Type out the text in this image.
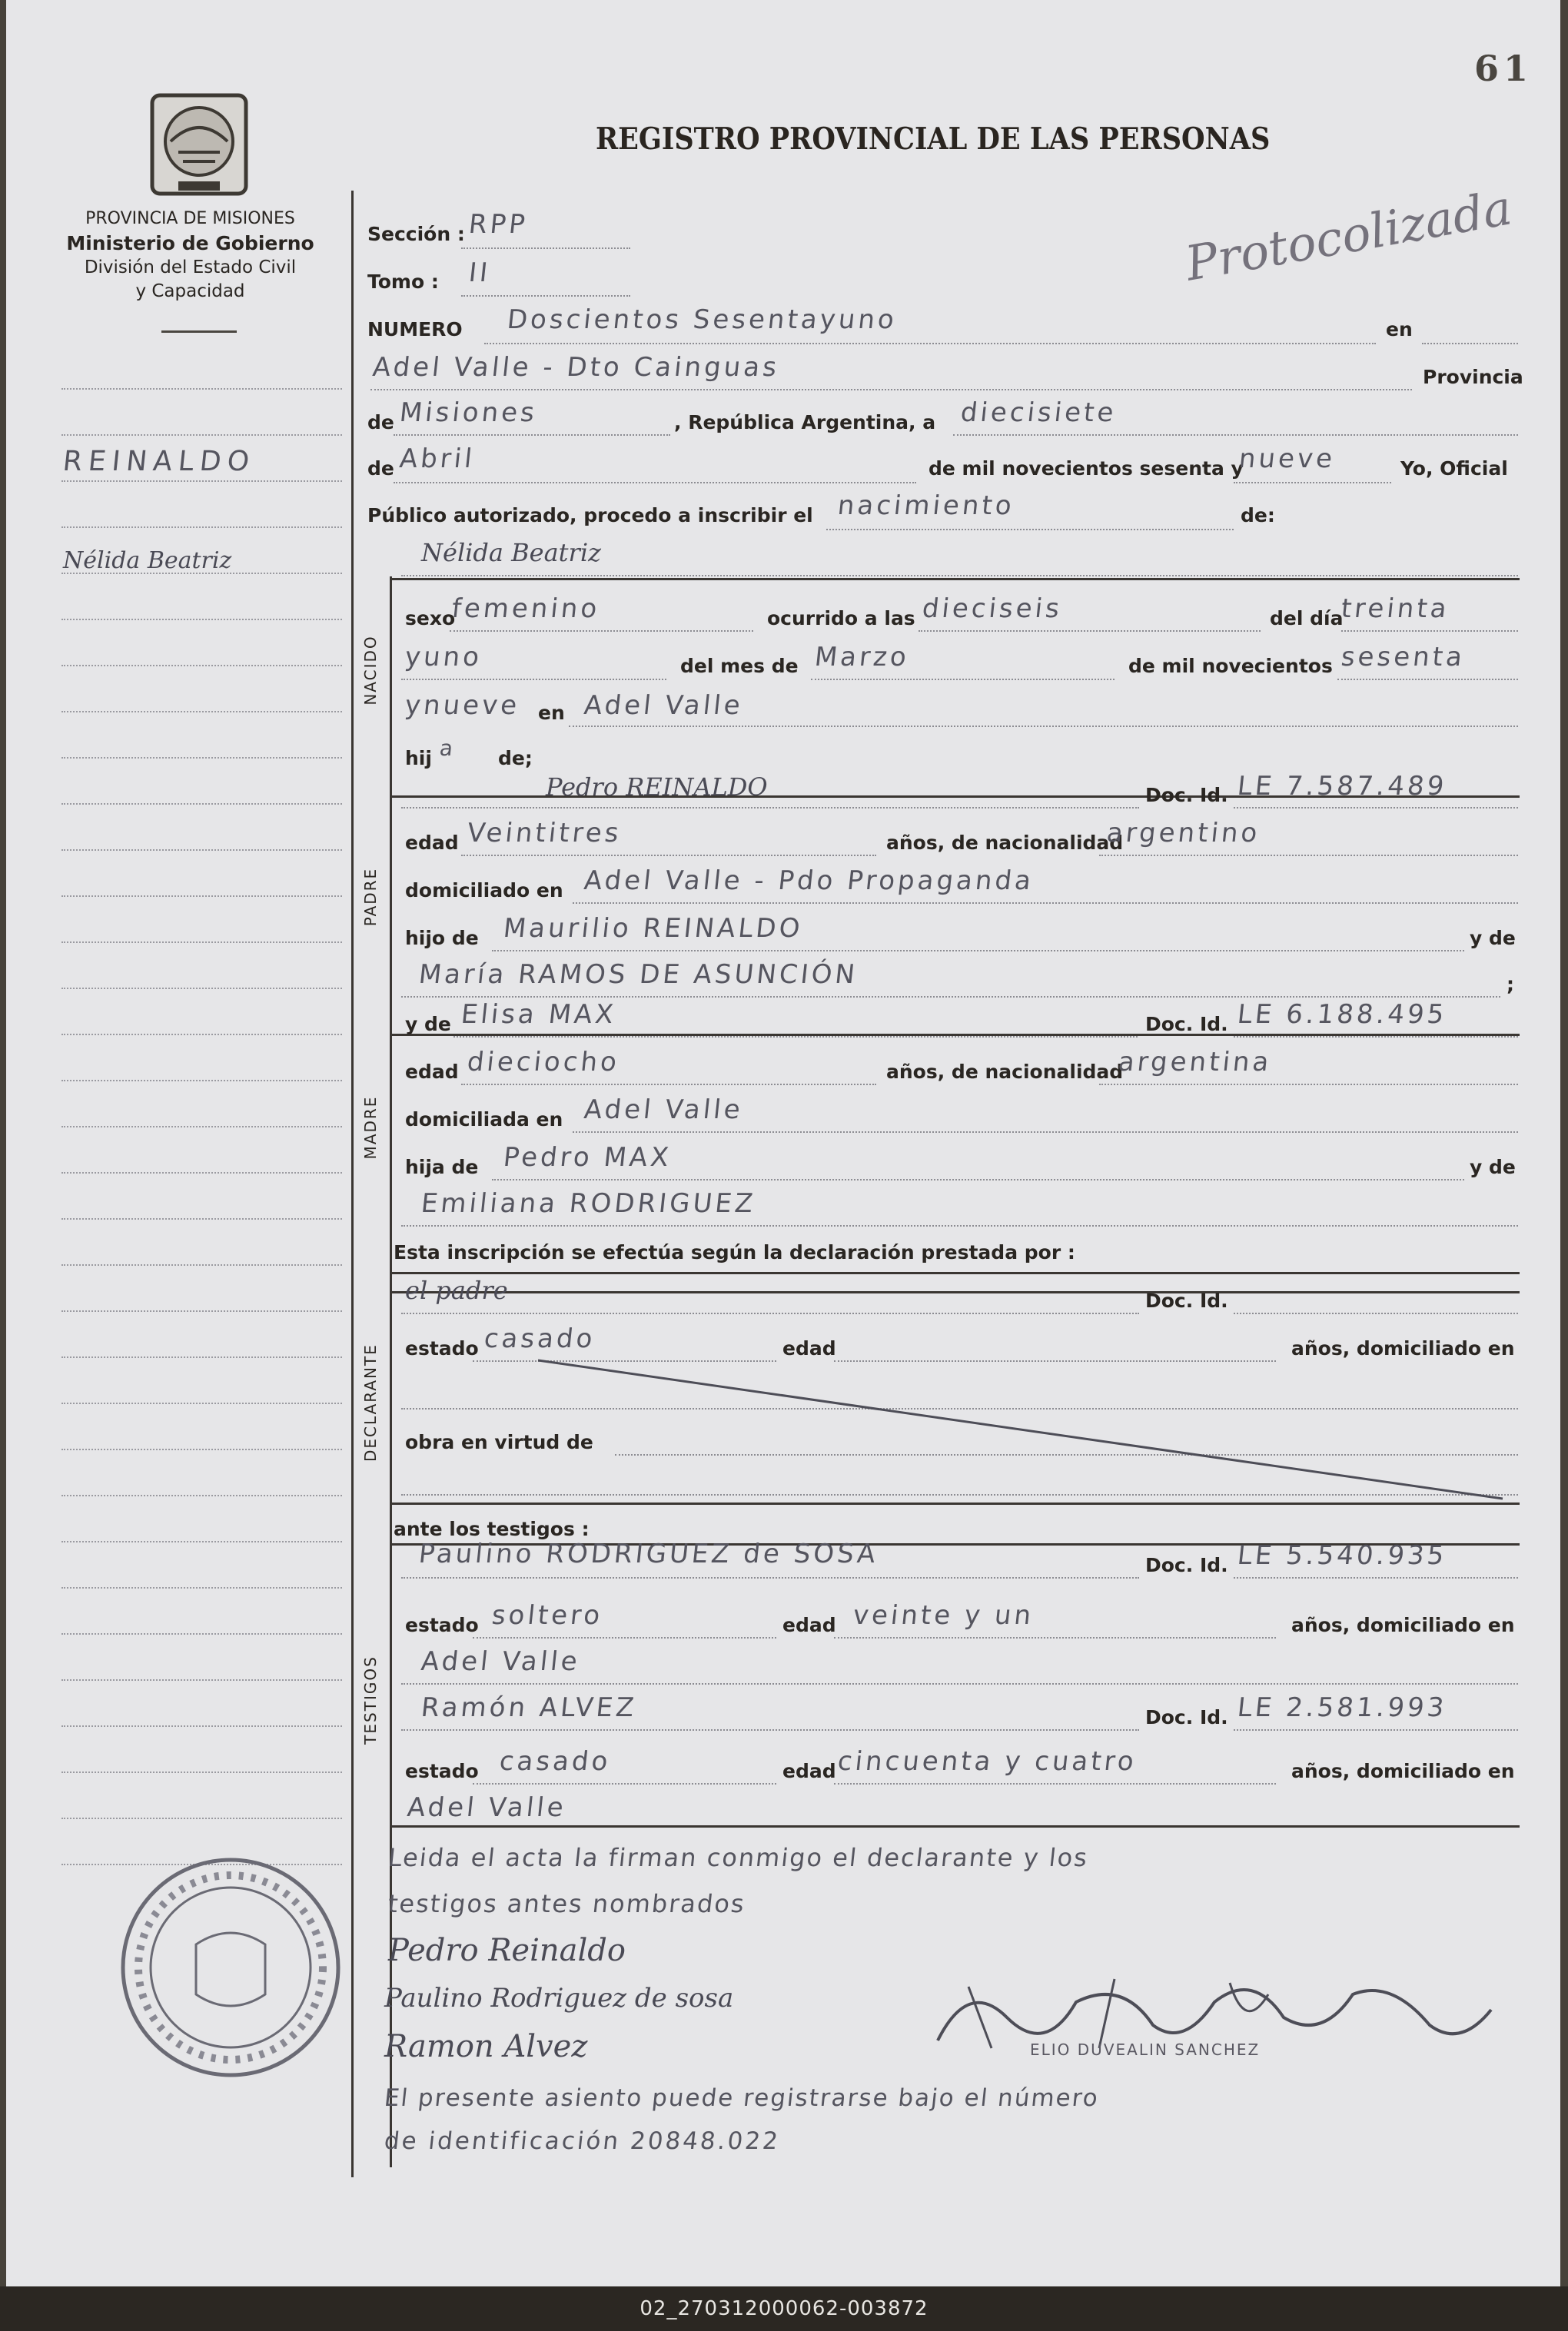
61
REGISTRO PROVINCIAL DE LAS PERSONAS
PROVINCIA DE MISIONES
Ministerio de Gobierno
División del Estado Civil
y Capacidad
REINALDO
Nélida Beatriz
NACIDO
PADRE
MADRE
DECLARANTE
TESTIGOS
Protocolizada
Sección : RPP
Tomo : II
NUMERO Doscientos Sesentayuno	en
Adel Valle - Dto Cainguas	Provincia
de Misiones	, República Argentina, a diecisiete
de Abril	de mil novecientos sesenta y
nueve	Yo, Oficial
Público autorizado, procedo a inscribir el nacimiento	de:
Nélida Beatriz
sexo
femenino	ocurrido a las dieciseis	del día
treinta
yuno	del mes de Marzo	de mil novecientos sesenta
ynueve en Adel Valle
hij a de;
Pedro REINALDO	Doc. Id. LE 7.587.489
edad Veintitres	años, de nacionalidad
argentino
domiciliado en Adel Valle - Pdo Propaganda
hijo de Maurilio REINALDO	y de
María RAMOS DE ASUNCIÓN	;
y de Elisa MAX	Doc. Id. LE 6.188.495
edad dieciocho	años, de nacionalidad
argentina
domiciliada en Adel Valle
hija de Pedro MAX	y de
Emiliana RODRIGUEZ
Esta inscripción se efectúa según la declaración prestada por :
el padre	Doc. Id.
estado casado	edad	años, domiciliado en
obra en virtud de
ante los testigos :
Paulino RODRIGUEZ de SOSA	Doc. Id. LE 5.540.935
estado soltero	edad veinte y un	años, domiciliado en
Adel Valle
Ramón ALVEZ	Doc. Id. LE 2.581.993
estado casado	edad cincuenta y cuatro	años, domiciliado en
Adel Valle
Leida el acta la firman conmigo el declarante y los
testigos antes nombrados
Pedro Reinaldo
Paulino Rodriguez de sosa
Ramon Alvez
El presente asiento puede registrarse bajo el número
de identificación 20848.022
ELIO DUVEALIN SANCHEZ
02_270312000062-003872
